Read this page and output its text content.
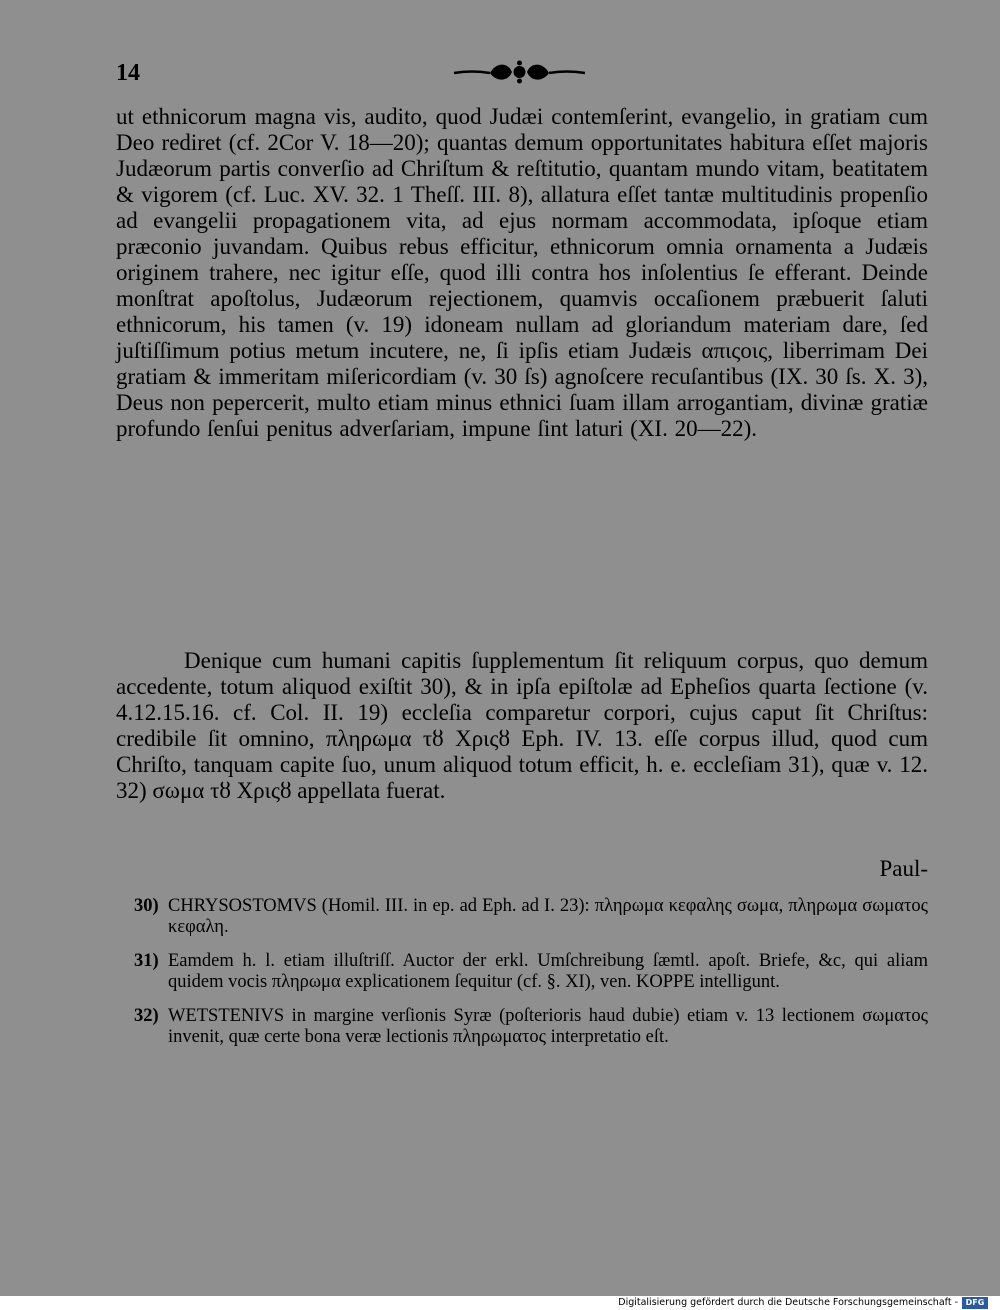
14

ut ethnicorum magna vis, audito, quod Judæi contemſerint, evangelio, in gratiam cum Deo rediret (cf. 2Cor V. 18—20); quantas demum opportunitates habitura eſſet majoris Judæorum partis converſio ad Chriſtum & reſtitutio, quantam mundo vitam, beatitatem & vigorem (cf. Luc. XV. 32. 1 Theſſ. III. 8), allatura eſſet tantæ multitudinis propenſio ad evangelii propagationem vita, ad ejus normam accommodata, ipſoque etiam præconio juvandam. Quibus rebus efficitur, ethnicorum omnia ornamenta a Judæis originem trahere, nec igitur eſſe, quod illi contra hos inſolentius ſe efferant. Deinde monſtrat apoſtolus, Judæorum rejectionem, quamvis occaſionem præbuerit ſaluti ethnicorum, his tamen (v. 19) idoneam nullam ad gloriandum materiam dare, ſed juſtiſſimum potius metum incutere, ne, ſi ipſis etiam Judæis απιςοις, liberrimam Dei gratiam & immeritam miſericordiam (v. 30 ſs) agnoſcere recuſantibus (IX. 30 ſs. X. 3), Deus non pepercerit, multo etiam minus ethnici ſuam illam arrogantiam, divinæ gratiæ profundo ſenſui penitus adverſariam, impune ſint laturi (XI. 20—22).

Denique cum humani capitis ſupplementum ſit reliquum corpus, quo demum accedente, totum aliquod exiſtit 30), & in ipſa epiſtolæ ad Epheſios quarta ſectione (v. 4.12.15.16. cf. Col. II. 19) eccleſia comparetur corpori, cujus caput ſit Chriſtus: credibile ſit omnino, πληρωμα τȣ Χριςȣ Eph. IV. 13. eſſe corpus illud, quod cum Chriſto, tanquam capite ſuo, unum aliquod totum efficit, h. e. eccleſiam 31), quæ v. 12. 32) σωμα τȣ Χριςȣ appellata fuerat.

Paul-
30) CHRYSOSTOMVS (Homil. III. in ep. ad Eph. ad I. 23): πληρωμα κεφαλης σωμα, πληρωμα σωματος κεφαλη.
31) Eamdem h. l. etiam illuſtriſſ. Auctor der erkl. Umſchreibung ſæmtl. apoſt. Briefe, &c, qui aliam quidem vocis πληρωμα explicationem ſequitur (cf. §. XI), ven. KOPPE intelligunt.
32) WETSTENIVS in margine verſionis Syræ (poſterioris haud dubie) etiam v. 13 lectionem σωματος invenit, quæ certe bona veræ lectionis πληρωματος interpretatio eſt.
Digitalisierung gefördert durch die Deutsche Forschungsgemeinschaft - DFG
